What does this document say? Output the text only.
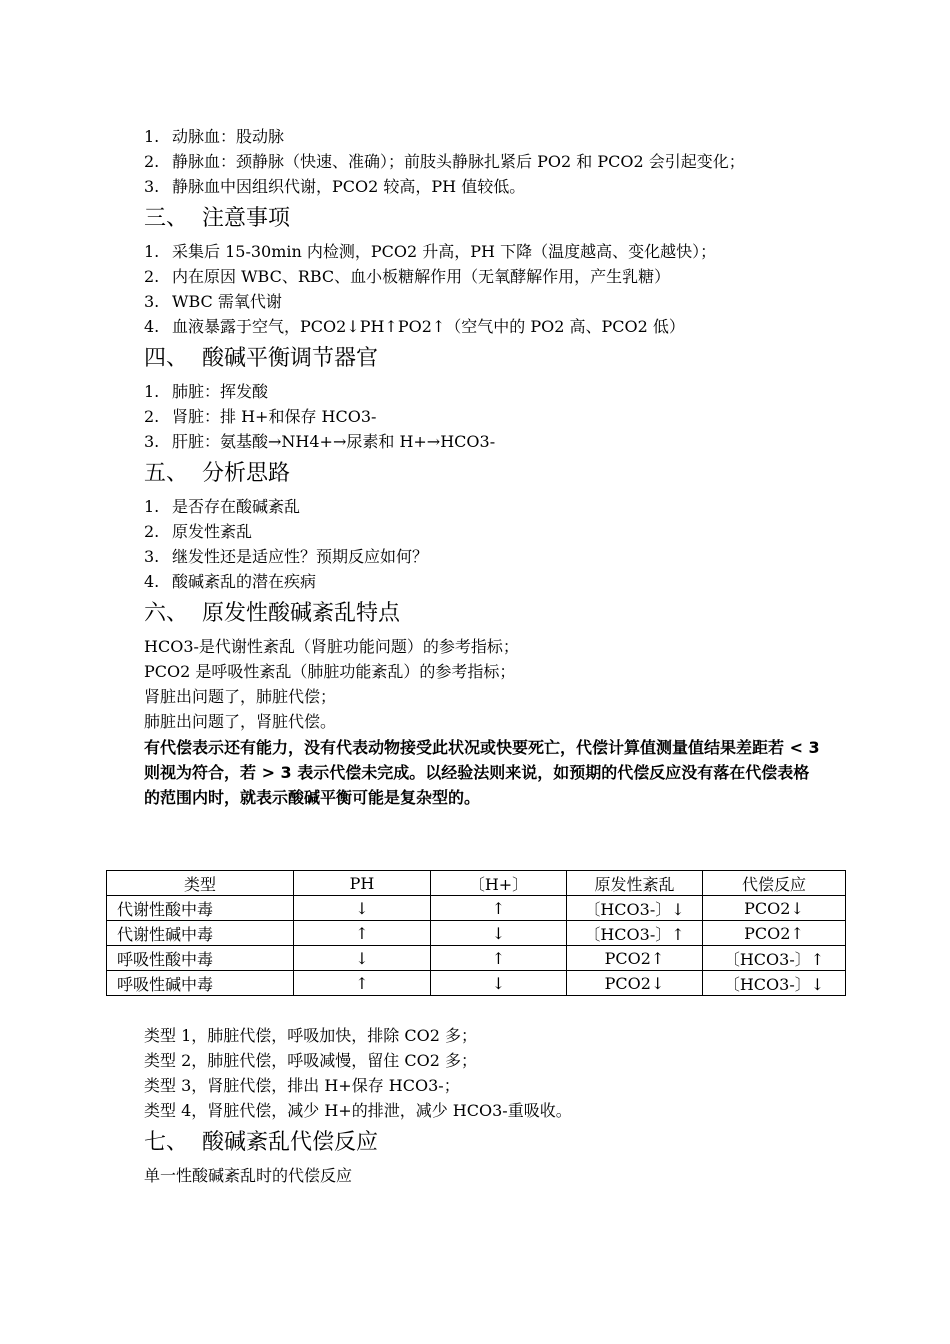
1. 动脉血：股动脉
2. 静脉血：颈静脉（快速、准确）；前肢头静脉扎紧后 PO2 和 PCO2 会引起变化；
3. 静脉血中因组织代谢，PCO2 较高，PH 值较低。
三、 注意事项
1. 采集后 15-30min 内检测，PCO2 升高，PH 下降（温度越高、变化越快）；
2. 内在原因 WBC、RBC、血小板糖解作用（无氧酵解作用，产生乳糖）
3. WBC 需氧代谢
4. 血液暴露于空气，PCO2↓PH↑PO2↑（空气中的 PO2 高、PCO2 低）
四、 酸碱平衡调节器官
1. 肺脏：挥发酸
2. 肾脏：排 H+和保存 HCO3-
3. 肝脏：氨基酸→NH4+→尿素和 H+→HCO3-
五、 分析思路
1. 是否存在酸碱紊乱
2. 原发性紊乱
3. 继发性还是适应性？预期反应如何？
4. 酸碱紊乱的潜在疾病
六、 原发性酸碱紊乱特点
HCO3-是代谢性紊乱（肾脏功能问题）的参考指标；
PCO2 是呼吸性紊乱（肺脏功能紊乱）的参考指标；
肾脏出问题了，肺脏代偿；
肺脏出问题了，肾脏代偿。
有代偿表示还有能力，没有代表动物接受此状况或快要死亡，代偿计算值测量值结果差距若 < 3 则视为符合，若 > 3 表示代偿未完成。以经验法则来说，如预期的代偿反应没有落在代偿表格的范围内时，就表示酸碱平衡可能是复杂型的。
类型	PH	〔H+〕	原发性紊乱	代偿反应
代谢性酸中毒	↓	↑	〔HCO3-〕↓	PCO2↓
代谢性碱中毒	↑	↓	〔HCO3-〕↑	PCO2↑
呼吸性酸中毒	↓	↑	PCO2↑	〔HCO3-〕↑
呼吸性碱中毒	↑	↓	PCO2↓	〔HCO3-〕↓
类型 1，肺脏代偿，呼吸加快，排除 CO2 多；
类型 2，肺脏代偿，呼吸减慢，留住 CO2 多；
类型 3，肾脏代偿，排出 H+保存 HCO3-；
类型 4，肾脏代偿，减少 H+的排泄，减少 HCO3-重吸收。
七、 酸碱紊乱代偿反应
单一性酸碱紊乱时的代偿反应
